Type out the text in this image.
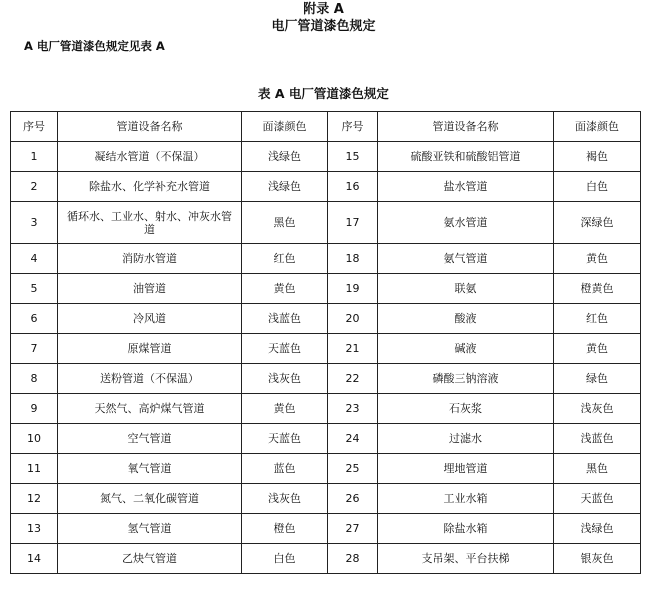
附录 A
电厂管道漆色规定
A 电厂管道漆色规定见表 A
表 A 电厂管道漆色规定
序号	管道设备名称	面漆颜色	序号	管道设备名称	面漆颜色
1	凝结水管道（不保温）	浅绿色	15	硫酸亚铁和硫酸铝管道	褐色
2	除盐水、化学补充水管道	浅绿色	16	盐水管道	白色
3	循环水、工业水、射水、冲灰水管道	黑色	17	氨水管道	深绿色
4	消防水管道	红色	18	氨气管道	黄色
5	油管道	黄色	19	联氨	橙黄色
6	冷风道	浅蓝色	20	酸液	红色
7	原煤管道	天蓝色	21	碱液	黄色
8	送粉管道（不保温）	浅灰色	22	磷酸三钠溶液	绿色
9	天然气、高炉煤气管道	黄色	23	石灰浆	浅灰色
10	空气管道	天蓝色	24	过滤水	浅蓝色
11	氧气管道	蓝色	25	埋地管道	黑色
12	氮气、二氧化碳管道	浅灰色	26	工业水箱	天蓝色
13	氢气管道	橙色	27	除盐水箱	浅绿色
14	乙炔气管道	白色	28	支吊架、平台扶梯	银灰色
